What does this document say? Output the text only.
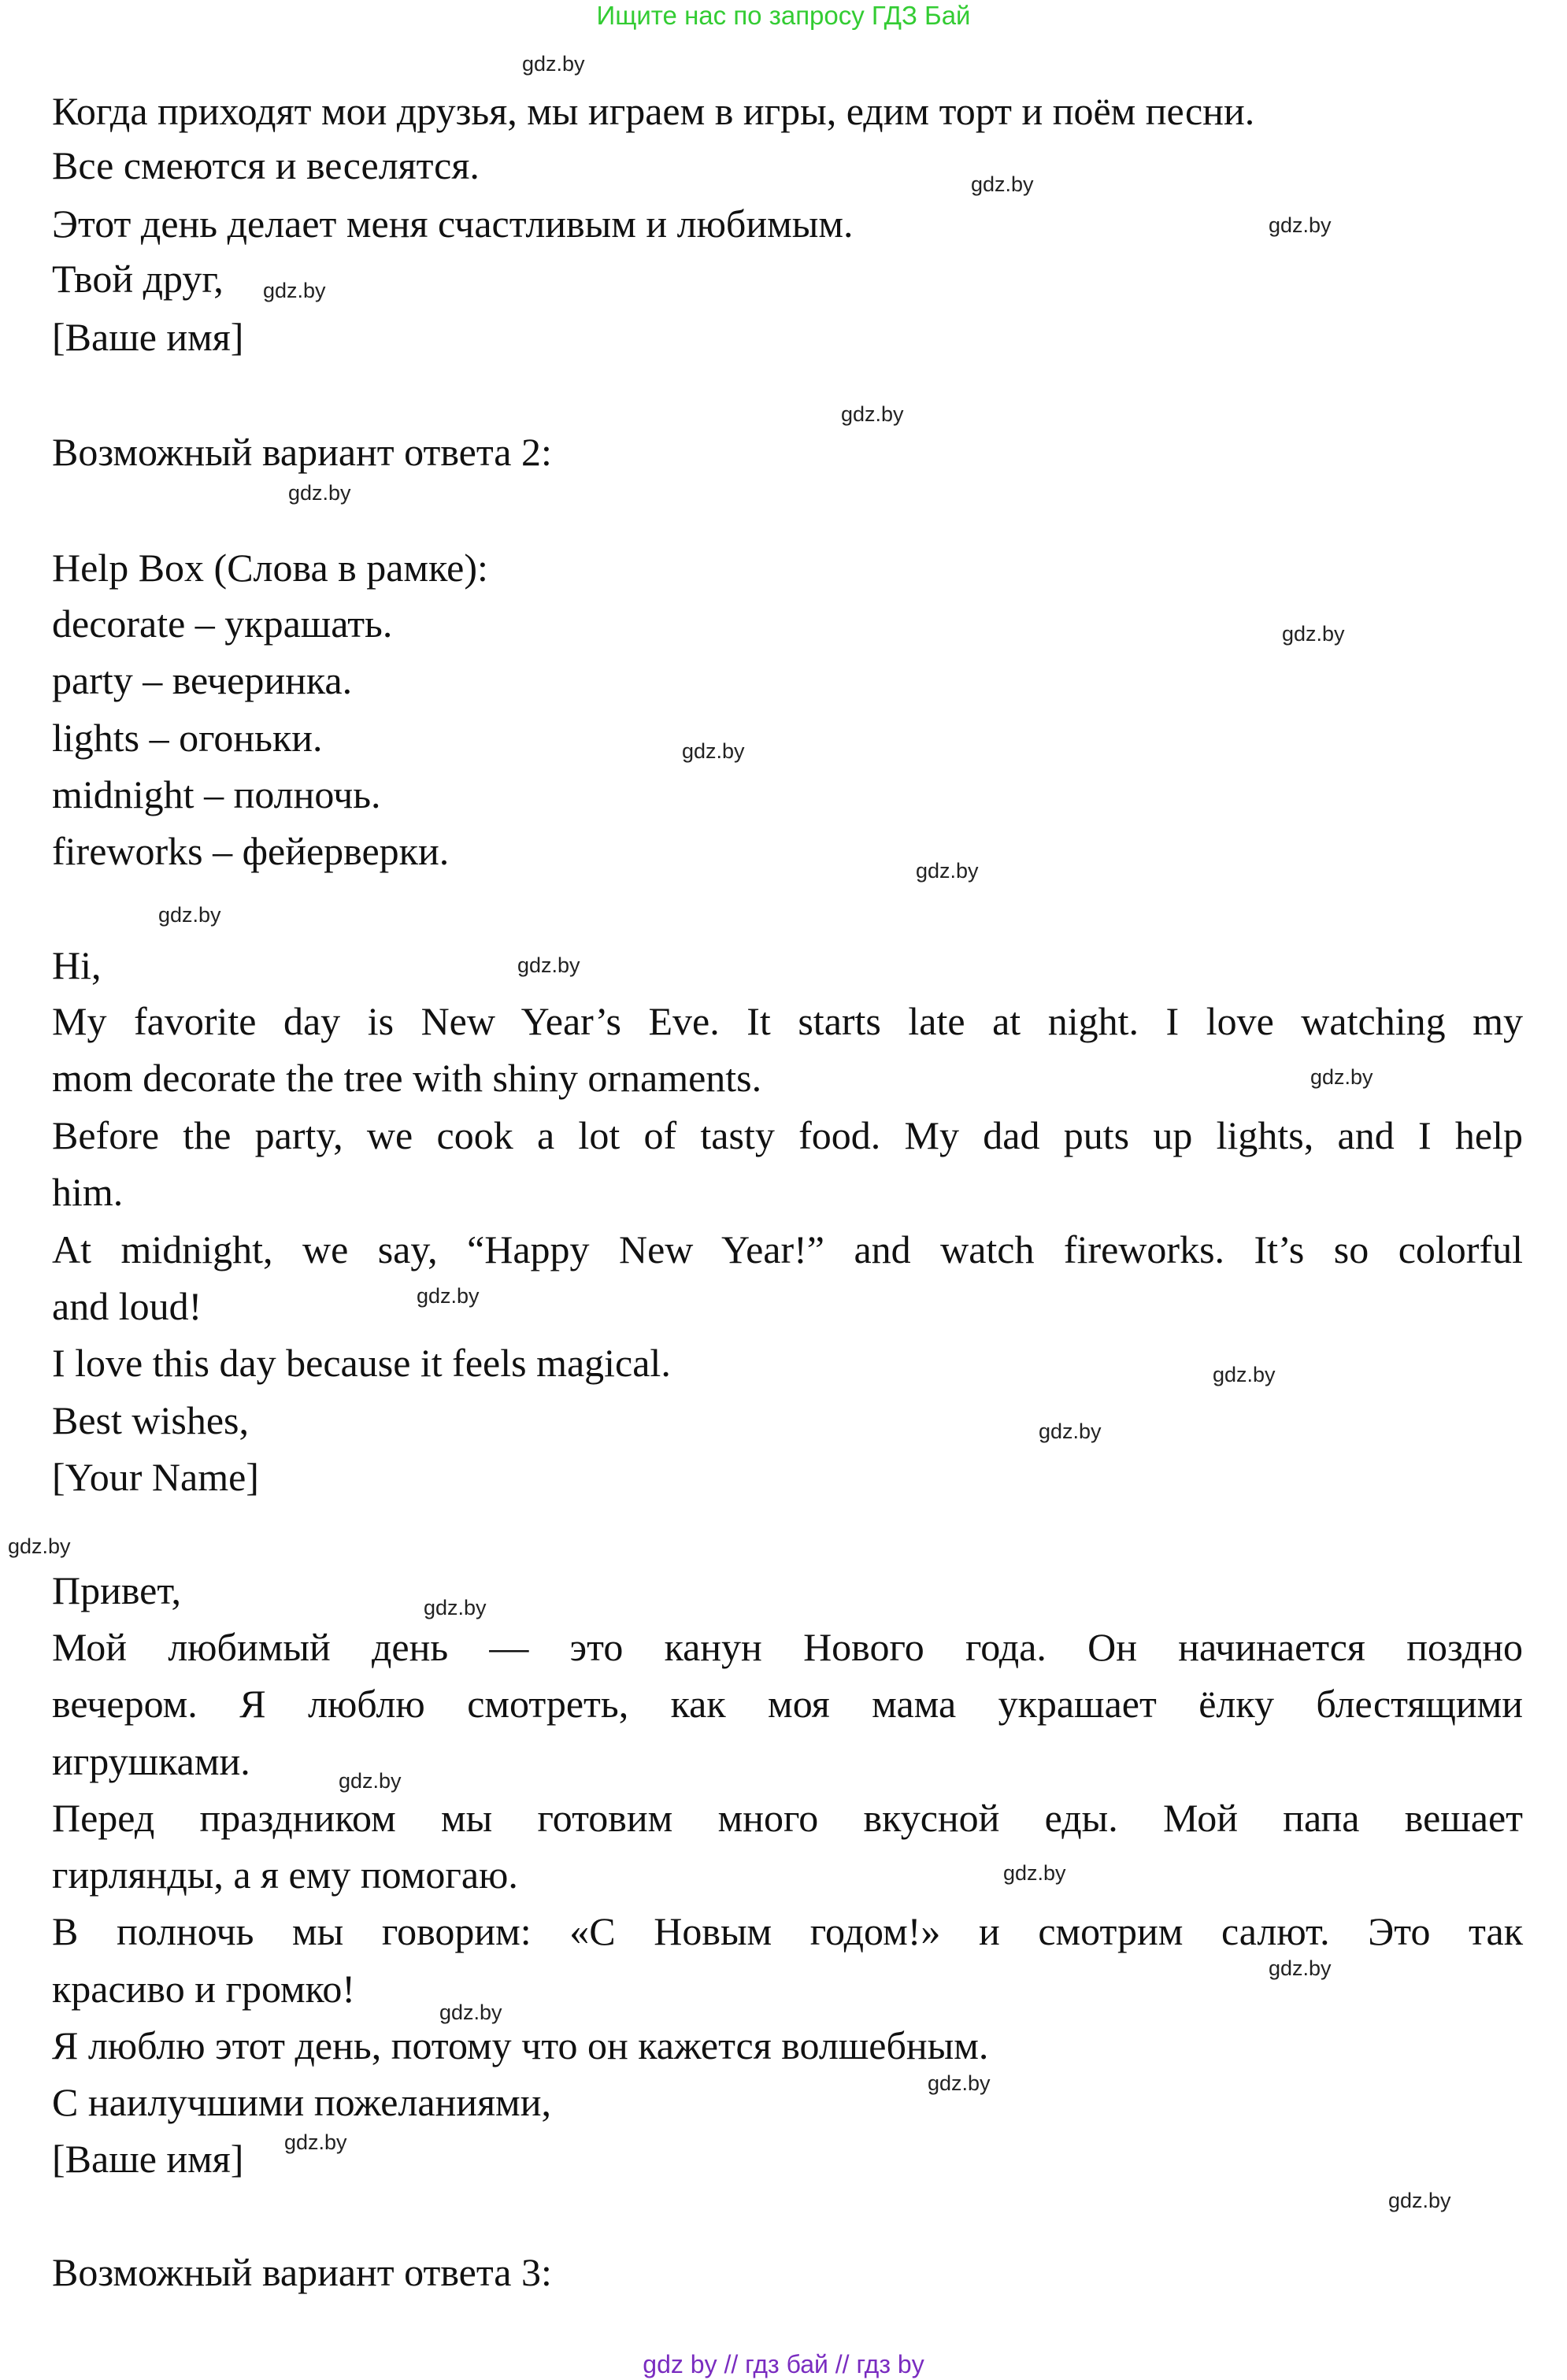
Ищите нас по запросу ГДЗ Бай
Когда приходят мои друзья, мы играем в игры, едим торт и поём песни.
Все смеются и веселятся.
Этот день делает меня счастливым и любимым.
Твой друг,
[Ваше имя]
Возможный вариант ответа 2:
Help Box (Слова в рамке):
decorate – украшать.
party – вечеринка.
lights – огоньки.
midnight – полночь.
fireworks – фейерверки.
Hi,
My favorite day is New Year’s Eve. It starts late at night. I love watching my
mom decorate the tree with shiny ornaments.
Before the party, we cook a lot of tasty food. My dad puts up lights, and I help
him.
At midnight, we say, “Happy New Year!” and watch fireworks. It’s so colorful
and loud!
I love this day because it feels magical.
Best wishes,
[Your Name]
Привет,
Мой любимый день — это канун Нового года. Он начинается поздно
вечером. Я люблю смотреть, как моя мама украшает ёлку блестящими
игрушками.
Перед праздником мы готовим много вкусной еды. Мой папа вешает
гирлянды, а я ему помогаю.
В полночь мы говорим: «С Новым годом!» и смотрим салют. Это так
красиво и громко!
Я люблю этот день, потому что он кажется волшебным.
С наилучшими пожеланиями,
[Ваше имя]
Возможный вариант ответа 3:
gdz.by
gdz.by
gdz.by
gdz.by
gdz.by
gdz.by
gdz.by
gdz.by
gdz.by
gdz.by
gdz.by
gdz.by
gdz.by
gdz.by
gdz.by
gdz.by
gdz.by
gdz.by
gdz.by
gdz.by
gdz.by
gdz.by
gdz.by
gdz.by
gdz by // гдз бай // гдз by
